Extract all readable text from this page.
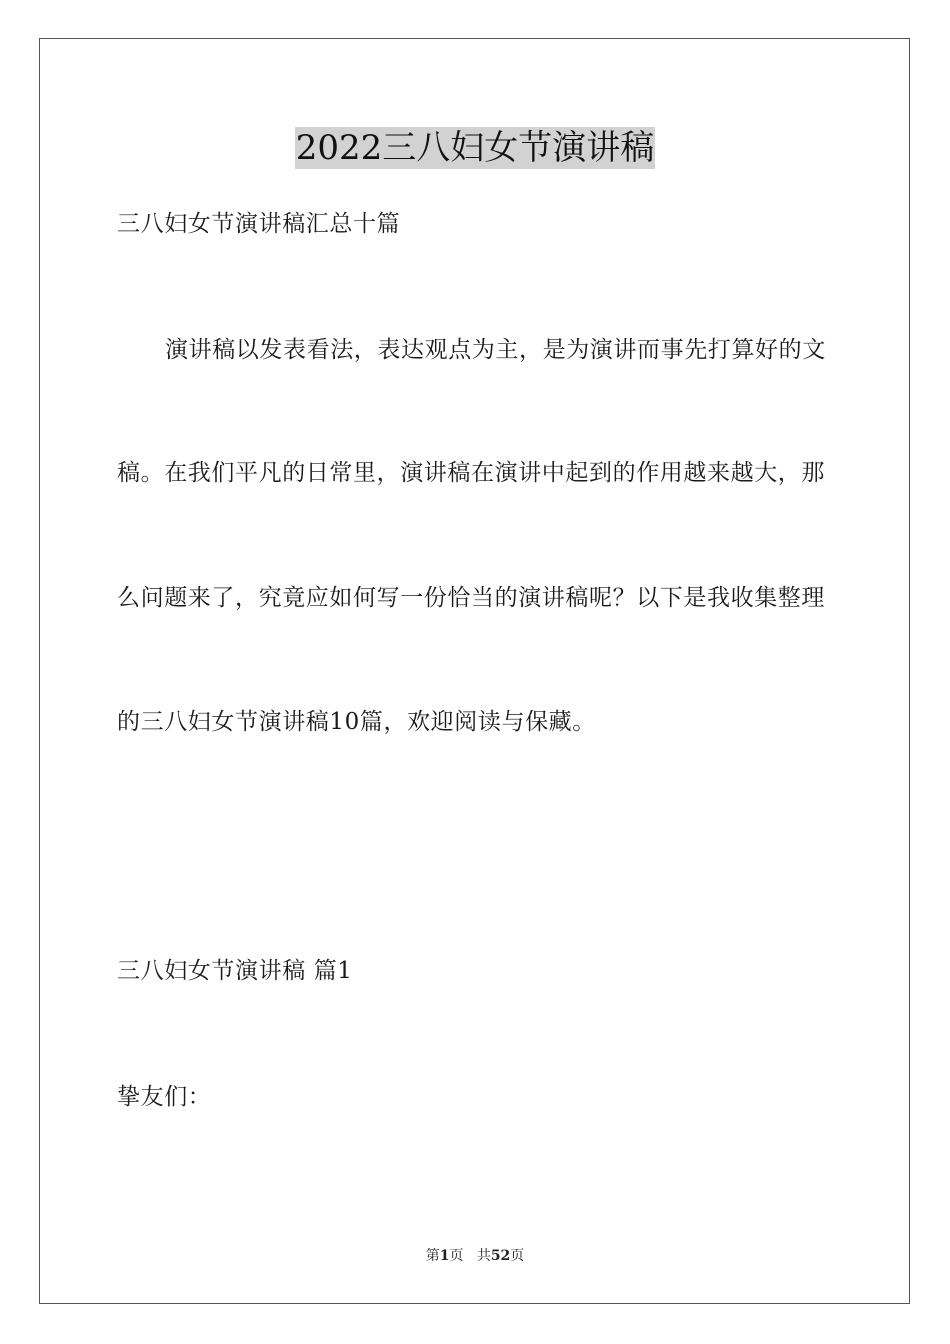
2022三八妇女节演讲稿
三八妇女节演讲稿汇总十篇
演讲稿以发表看法，表达观点为主，是为演讲而事先打算好的文
稿。在我们平凡的日常里，演讲稿在演讲中起到的作用越来越大，那
么问题来了，究竟应如何写一份恰当的演讲稿呢？以下是我收集整理
的三八妇女节演讲稿10篇，欢迎阅读与保藏。
三八妇女节演讲稿 篇1
挚友们：
第1页 共52页
